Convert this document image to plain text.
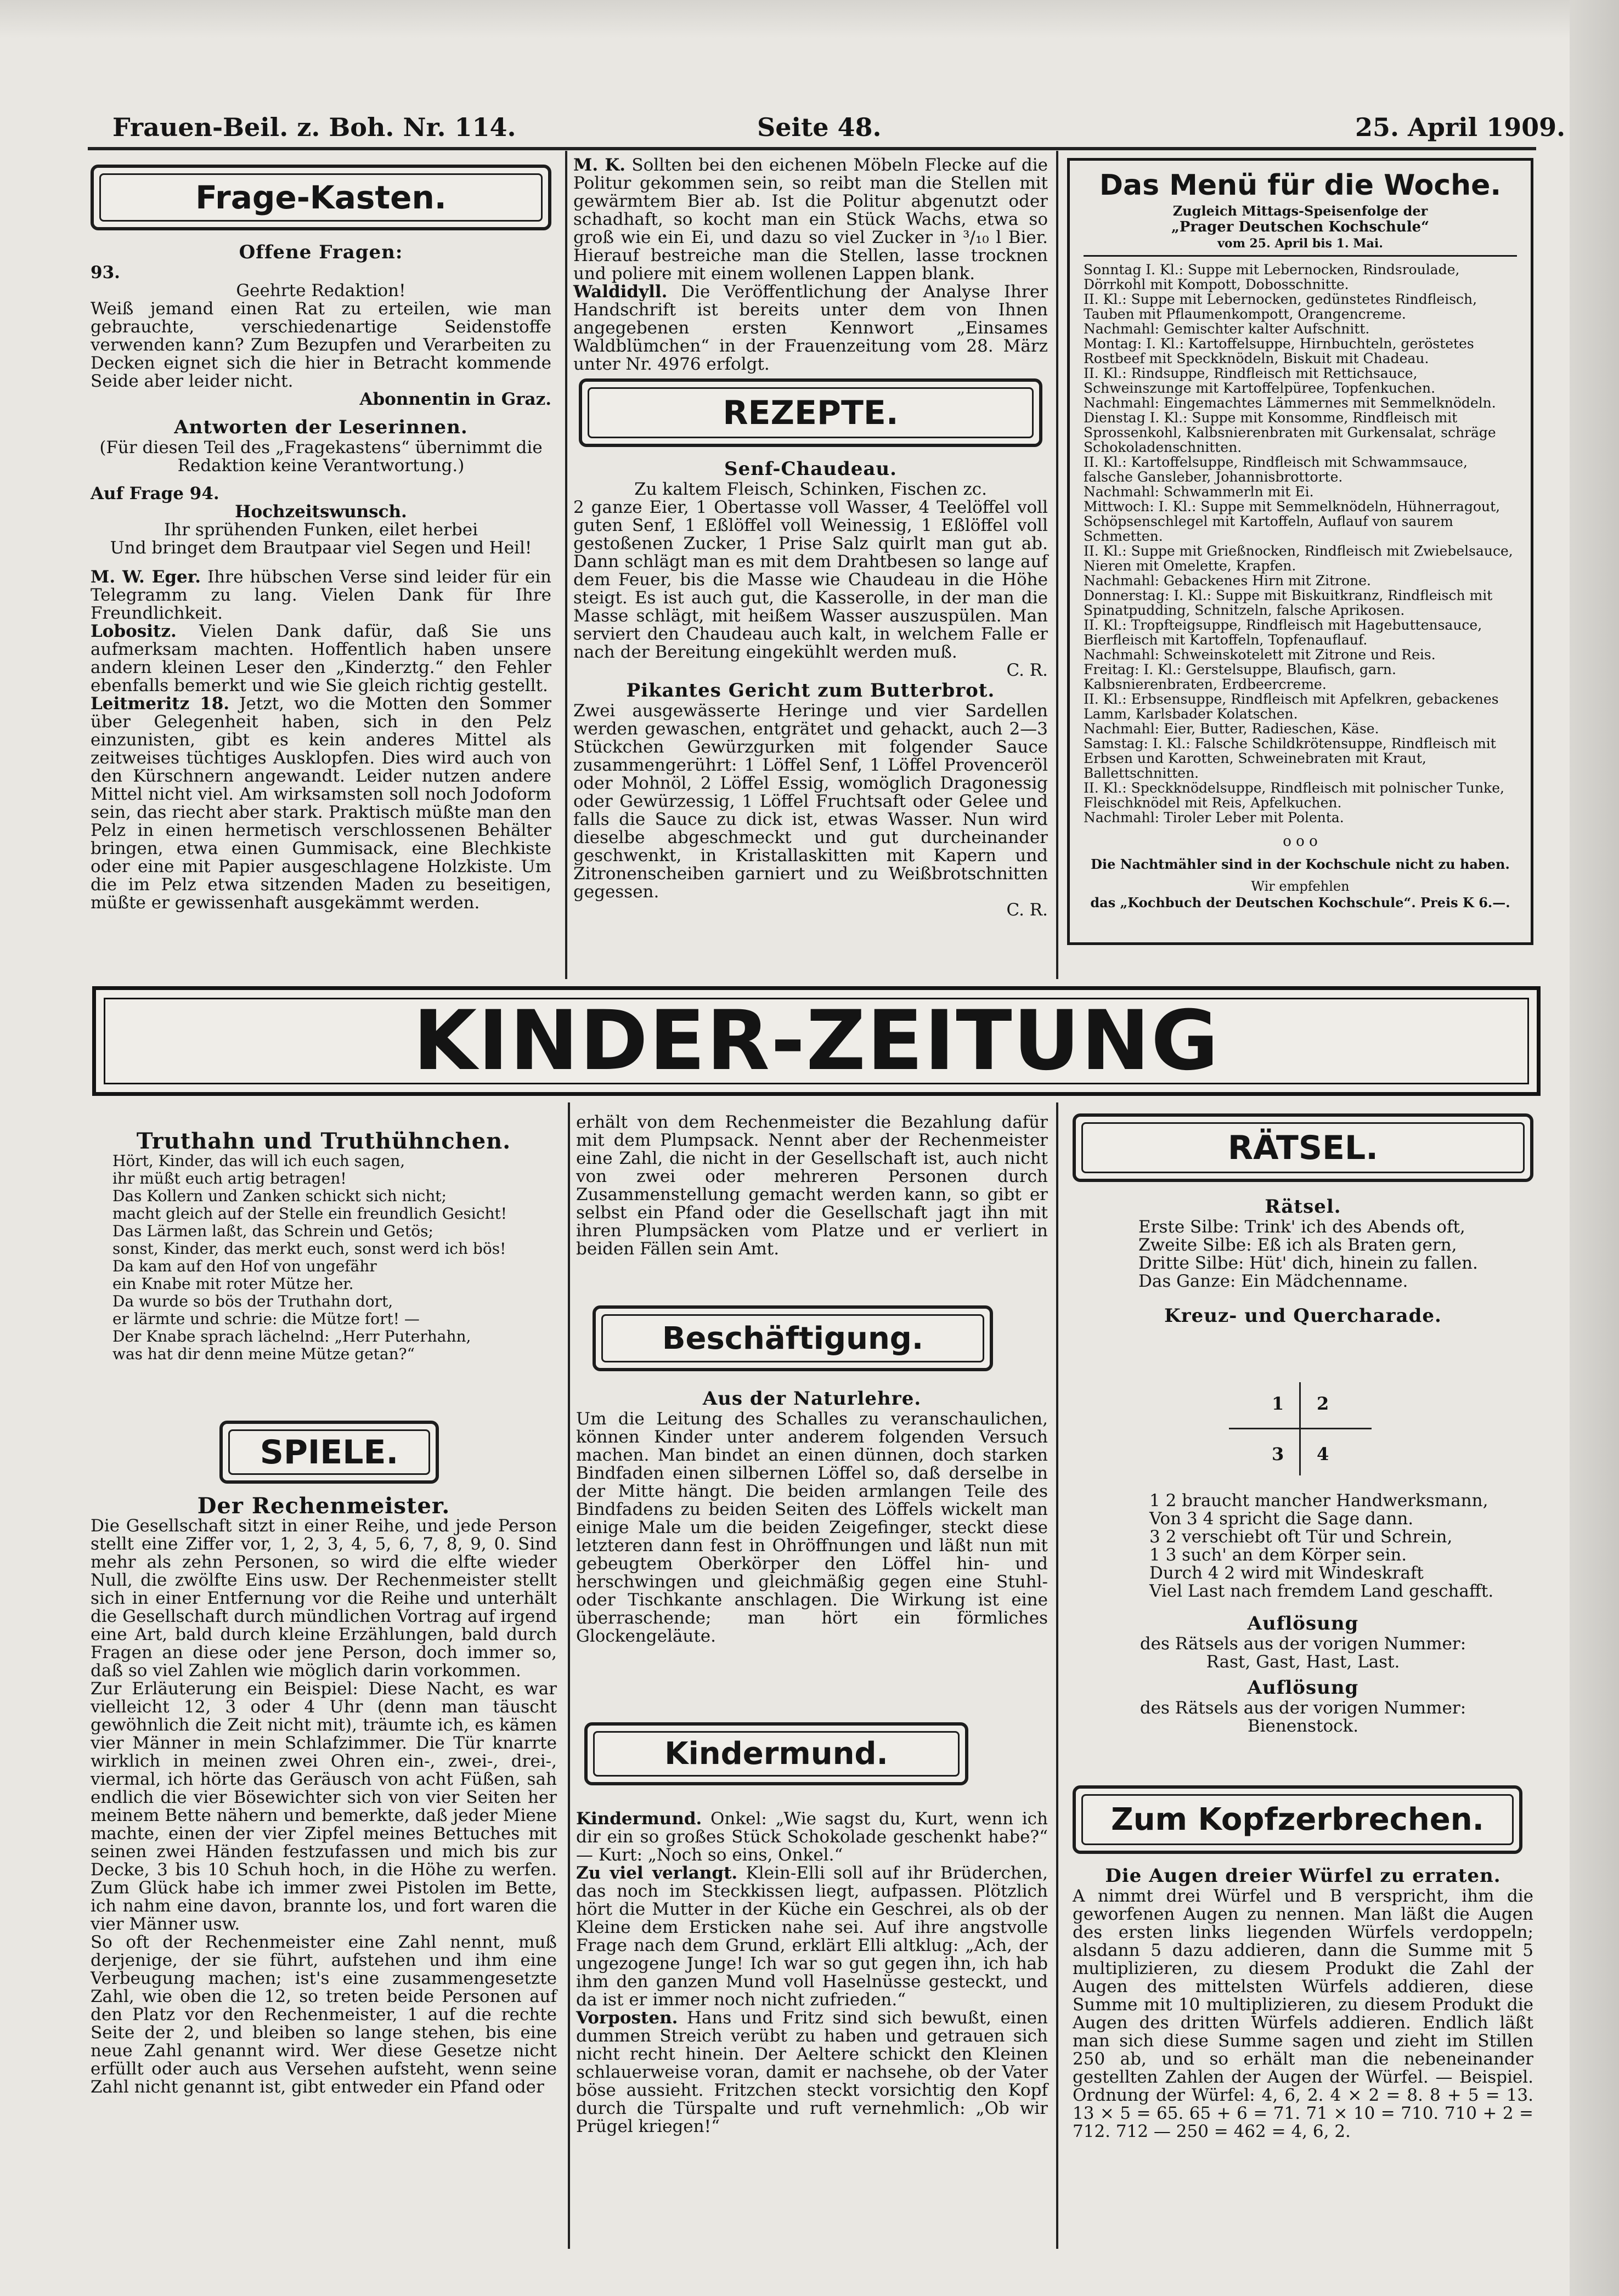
Frauen-Beil. z. Boh. Nr. 114.	Seite 48.	25. April 1909.
Frage-Kasten.
Offene Fragen:

93.

Geehrte Redaktion!

Weiß jemand einen Rat zu erteilen, wie man gebrauchte, verschiedenartige Seidenstoffe verwenden kann? Zum Bezupfen und Verarbeiten zu Decken eignet sich die hier in Betracht kommende Seide aber leider nicht.

Abonnentin in Graz.

Antworten der Leserinnen.

(Für diesen Teil des „Fragekastens“ übernimmt die Redaktion keine Verantwortung.)

Auf Frage 94.

Hochzeitswunsch.

Ihr sprühenden Funken, eilet herbei

Und bringet dem Brautpaar viel Segen und Heil!

M. W. Eger. Ihre hübschen Verse sind leider für ein Telegramm zu lang. Vielen Dank für Ihre Freundlichkeit.

Lobositz. Vielen Dank dafür, daß Sie uns aufmerksam machten. Hoffentlich haben unsere andern kleinen Leser den „Kinderztg.“ den Fehler ebenfalls bemerkt und wie Sie gleich richtig gestellt.

Leitmeritz 18. Jetzt, wo die Motten den Sommer über Gelegenheit haben, sich in den Pelz einzunisten, gibt es kein anderes Mittel als zeitweises tüchtiges Ausklopfen. Dies wird auch von den Kürschnern angewandt. Leider nutzen andere Mittel nicht viel. Am wirksamsten soll noch Jodoform sein, das riecht aber stark. Praktisch müßte man den Pelz in einen hermetisch verschlossenen Behälter bringen, etwa einen Gummisack, eine Blechkiste oder eine mit Papier ausgeschlagene Holzkiste. Um die im Pelz etwa sitzenden Maden zu beseitigen, müßte er gewissenhaft ausgekämmt werden.

M. K. Sollten bei den eichenen Möbeln Flecke auf die Politur gekommen sein, so reibt man die Stellen mit gewärmtem Bier ab. Ist die Politur abgenutzt oder schadhaft, so kocht man ein Stück Wachs, etwa so groß wie ein Ei, und dazu so viel Zucker in ³/₁₀ l Bier. Hierauf bestreiche man die Stellen, lasse trocknen und poliere mit einem wollenen Lappen blank.

Waldidyll. Die Veröffentlichung der Analyse Ihrer Handschrift ist bereits unter dem von Ihnen angegebenen ersten Kennwort „Einsames Waldblümchen“ in der Frauenzeitung vom 28. März unter Nr. 4976 erfolgt.

REZEPTE.
Senf-Chaudeau.

Zu kaltem Fleisch, Schinken, Fischen zc.

2 ganze Eier, 1 Obertasse voll Wasser, 4 Teelöffel voll guten Senf, 1 Eßlöffel voll Weinessig, 1 Eßlöffel voll gestoßenen Zucker, 1 Prise Salz quirlt man gut ab. Dann schlägt man es mit dem Drahtbesen so lange auf dem Feuer, bis die Masse wie Chaudeau in die Höhe steigt. Es ist auch gut, die Kasserolle, in der man die Masse schlägt, mit heißem Wasser auszuspülen. Man serviert den Chaudeau auch kalt, in welchem Falle er nach der Bereitung eingekühlt werden muß.

C. R.

Pikantes Gericht zum Butterbrot.

Zwei ausgewässerte Heringe und vier Sardellen werden gewaschen, entgrätet und gehackt, auch 2—3 Stückchen Gewürzgurken mit folgender Sauce zusammengerührt: 1 Löffel Senf, 1 Löffel Provenceröl oder Mohnöl, 2 Löffel Essig, womöglich Dragonessig oder Gewürzessig, 1 Löffel Fruchtsaft oder Gelee und falls die Sauce zu dick ist, etwas Wasser. Nun wird dieselbe abgeschmeckt und gut durcheinander geschwenkt, in Kristallaskitten mit Kapern und Zitronenscheiben garniert und zu Weißbrotschnitten gegessen.

C. R.

Das Menü für die Woche.
Zugleich Mittags-Speisenfolge der
„Prager Deutschen Kochschule“
vom 25. April bis 1. Mai.
Sonntag I. Kl.: Suppe mit Lebernocken, Rindsroulade, Dörrkohl mit Kompott, Dobosschnitte.
II. Kl.: Suppe mit Lebernocken, gedünstetes Rindfleisch, Tauben mit Pflaumenkompott, Orangencreme.
Nachmahl: Gemischter kalter Aufschnitt.
Montag: I. Kl.: Kartoffelsuppe, Hirnbuchteln, geröstetes Rostbeef mit Speckknödeln, Biskuit mit Chadeau.
II. Kl.: Rindsuppe, Rindfleisch mit Rettichsauce, Schweinszunge mit Kartoffelpüree, Topfenkuchen.
Nachmahl: Eingemachtes Lämmernes mit Semmelknödeln.
Dienstag I. Kl.: Suppe mit Konsomme, Rindfleisch mit Sprossenkohl, Kalbsnierenbraten mit Gurkensalat, schräge Schokoladenschnitten.
II. Kl.: Kartoffelsuppe, Rindfleisch mit Schwammsauce, falsche Gansleber, Johannisbrottorte.
Nachmahl: Schwammerln mit Ei.
Mittwoch: I. Kl.: Suppe mit Semmelknödeln, Hühnerragout, Schöpsenschlegel mit Kartoffeln, Auflauf von saurem Schmetten.
II. Kl.: Suppe mit Grießnocken, Rindfleisch mit Zwiebelsauce, Nieren mit Omelette, Krapfen.
Nachmahl: Gebackenes Hirn mit Zitrone.
Donnerstag: I. Kl.: Suppe mit Biskuitkranz, Rindfleisch mit Spinatpudding, Schnitzeln, falsche Aprikosen.
II. Kl.: Tropfteigsuppe, Rindfleisch mit Hagebuttensauce, Bierfleisch mit Kartoffeln, Topfenauflauf.
Nachmahl: Schweinskotelett mit Zitrone und Reis.
Freitag: I. Kl.: Gerstelsuppe, Blaufisch, garn. Kalbsnierenbraten, Erdbeercreme.
II. Kl.: Erbsensuppe, Rindfleisch mit Apfelkren, gebackenes Lamm, Karlsbader Kolatschen.
Nachmahl: Eier, Butter, Radieschen, Käse.
Samstag: I. Kl.: Falsche Schildkrötensuppe, Rindfleisch mit Erbsen und Karotten, Schweinebraten mit Kraut, Ballettschnitten.
II. Kl.: Speckknödelsuppe, Rindfleisch mit polnischer Tunke, Fleischknödel mit Reis, Apfelkuchen.
Nachmahl: Tiroler Leber mit Polenta.
o o o
Die Nachtmähler sind in der Kochschule nicht zu haben.
Wir empfehlen
das „Kochbuch der Deutschen Kochschule“. Preis K 6.—.
KINDER-ZEITUNG
Truthahn und Truthühnchen.
Hört, Kinder, das will ich euch sagen,
ihr müßt euch artig betragen!
Das Kollern und Zanken schickt sich nicht;
macht gleich auf der Stelle ein freundlich Gesicht!
Das Lärmen laßt, das Schrein und Getös;
sonst, Kinder, das merkt euch, sonst werd ich bös!
Da kam auf den Hof von ungefähr
ein Knabe mit roter Mütze her.
Da wurde so bös der Truthahn dort,
er lärmte und schrie: die Mütze fort! —
Der Knabe sprach lächelnd: „Herr Puterhahn,
was hat dir denn meine Mütze getan?“
SPIELE.
Der Rechenmeister.

Die Gesellschaft sitzt in einer Reihe, und jede Person stellt eine Ziffer vor, 1, 2, 3, 4, 5, 6, 7, 8, 9, 0. Sind mehr als zehn Personen, so wird die elfte wieder Null, die zwölfte Eins usw. Der Rechenmeister stellt sich in einer Entfernung vor die Reihe und unterhält die Gesellschaft durch mündlichen Vortrag auf irgend eine Art, bald durch kleine Erzählungen, bald durch Fragen an diese oder jene Person, doch immer so, daß so viel Zahlen wie möglich darin vorkommen.

Zur Erläuterung ein Beispiel: Diese Nacht, es war vielleicht 12, 3 oder 4 Uhr (denn man täuscht gewöhnlich die Zeit nicht mit), träumte ich, es kämen vier Männer in mein Schlafzimmer. Die Tür knarrte wirklich in meinen zwei Ohren ein-, zwei-, drei-, viermal, ich hörte das Geräusch von acht Füßen, sah endlich die vier Bösewichter sich von vier Seiten her meinem Bette nähern und bemerkte, daß jeder Miene machte, einen der vier Zipfel meines Bettuches mit seinen zwei Händen festzufassen und mich bis zur Decke, 3 bis 10 Schuh hoch, in die Höhe zu werfen. Zum Glück habe ich immer zwei Pistolen im Bette, ich nahm eine davon, brannte los, und fort waren die vier Männer usw.

So oft der Rechenmeister eine Zahl nennt, muß derjenige, der sie führt, aufstehen und ihm eine Verbeugung machen; ist's eine zusammengesetzte Zahl, wie oben die 12, so treten beide Personen auf den Platz vor den Rechenmeister, 1 auf die rechte Seite der 2, und bleiben so lange stehen, bis eine neue Zahl genannt wird. Wer diese Gesetze nicht erfüllt oder auch aus Versehen aufsteht, wenn seine Zahl nicht genannt ist, gibt entweder ein Pfand oder

erhält von dem Rechenmeister die Bezahlung dafür mit dem Plumpsack. Nennt aber der Rechenmeister eine Zahl, die nicht in der Gesellschaft ist, auch nicht von zwei oder mehreren Personen durch Zusammenstellung gemacht werden kann, so gibt er selbst ein Pfand oder die Gesellschaft jagt ihn mit ihren Plumpsäcken vom Platze und er verliert in beiden Fällen sein Amt.

Beschäftigung.
Aus der Naturlehre.

Um die Leitung des Schalles zu veranschaulichen, können Kinder unter anderem folgenden Versuch machen. Man bindet an einen dünnen, doch starken Bindfaden einen silbernen Löffel so, daß derselbe in der Mitte hängt. Die beiden armlangen Teile des Bindfadens zu beiden Seiten des Löffels wickelt man einige Male um die beiden Zeigefinger, steckt diese letzteren dann fest in Ohröffnungen und läßt nun mit gebeugtem Oberkörper den Löffel hin- und herschwingen und gleichmäßig gegen eine Stuhl- oder Tischkante anschlagen. Die Wirkung ist eine überraschende; man hört ein förmliches Glockengeläute.

Kindermund.

Kindermund. Onkel: „Wie sagst du, Kurt, wenn ich dir ein so großes Stück Schokolade geschenkt habe?“ — Kurt: „Noch so eins, Onkel.“

Zu viel verlangt. Klein-Elli soll auf ihr Brüderchen, das noch im Steckkissen liegt, aufpassen. Plötzlich hört die Mutter in der Küche ein Geschrei, als ob der Kleine dem Ersticken nahe sei. Auf ihre angstvolle Frage nach dem Grund, erklärt Elli altklug: „Ach, der ungezogene Junge! Ich war so gut gegen ihn, ich hab ihm den ganzen Mund voll Haselnüsse gesteckt, und da ist er immer noch nicht zufrieden.“

Vorposten. Hans und Fritz sind sich bewußt, einen dummen Streich verübt zu haben und getrauen sich nicht recht hinein. Der Aeltere schickt den Kleinen schlauerweise voran, damit er nachsehe, ob der Vater böse aussieht. Fritzchen steckt vorsichtig den Kopf durch die Türspalte und ruft vernehmlich: „Ob wir Prügel kriegen!“

RÄTSEL.
Rätsel.
Erste Silbe: Trink' ich des Abends oft,
Zweite Silbe: Eß ich als Braten gern,
Dritte Silbe: Hüt' dich, hinein zu fallen.
Das Ganze: Ein Mädchenname.
Kreuz- und Quercharade.
1 2
3 4
1 2 braucht mancher Handwerksmann,
Von 3 4 spricht die Sage dann.
3 2 verschiebt oft Tür und Schrein,
1 3 such' an dem Körper sein.
Durch 4 2 wird mit Windeskraft
Viel Last nach fremdem Land geschafft.
Auflösung

des Rätsels aus der vorigen Nummer:

Rast, Gast, Hast, Last.

Auflösung

des Rätsels aus der vorigen Nummer:

Bienenstock.

Zum Kopfzerbrechen.
Die Augen dreier Würfel zu erraten.

A nimmt drei Würfel und B verspricht, ihm die geworfenen Augen zu nennen. Man läßt die Augen des ersten links liegenden Würfels verdoppeln; alsdann 5 dazu addieren, dann die Summe mit 5 multiplizieren, zu diesem Produkt die Zahl der Augen des mittelsten Würfels addieren, diese Summe mit 10 multiplizieren, zu diesem Produkt die Augen des dritten Würfels addieren. Endlich läßt man sich diese Summe sagen und zieht im Stillen 250 ab, und so erhält man die nebeneinander gestellten Zahlen der Augen der Würfel. — Beispiel. Ordnung der Würfel: 4, 6, 2. 4 × 2 = 8. 8 + 5 = 13. 13 × 5 = 65. 65 + 6 = 71. 71 × 10 = 710. 710 + 2 = 712. 712 — 250 = 462 = 4, 6, 2.
